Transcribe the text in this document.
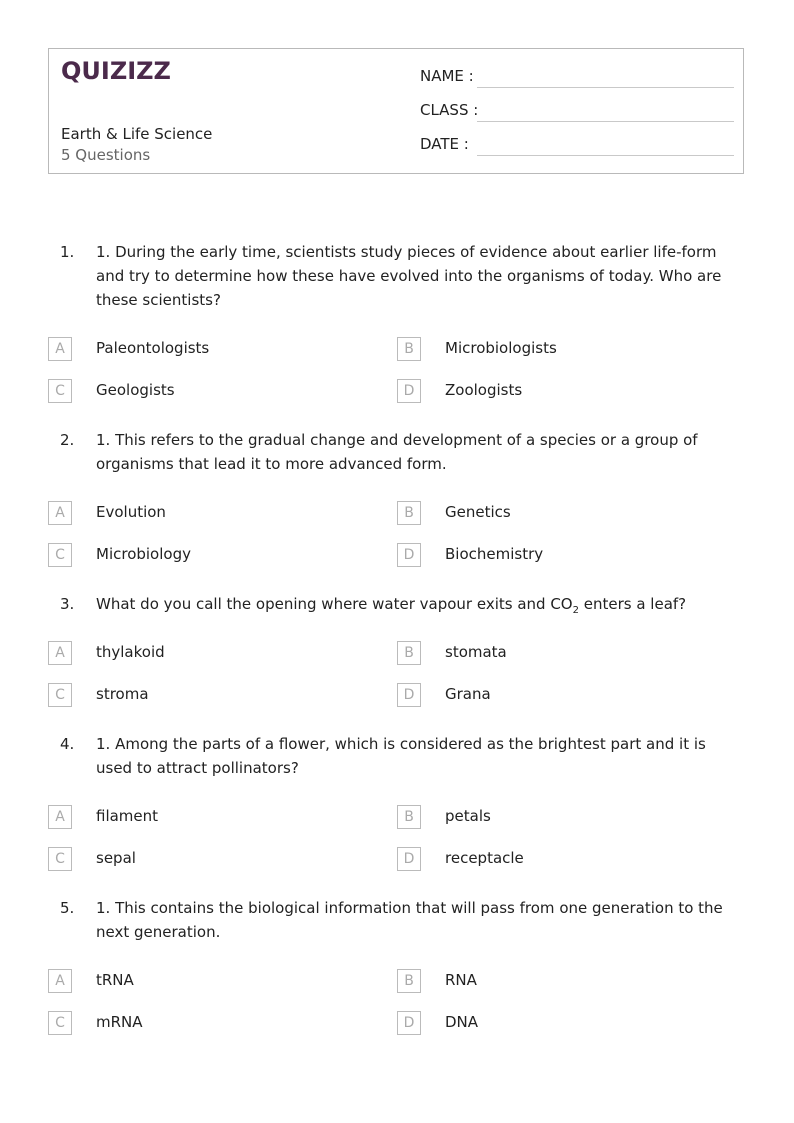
QUIZIZZ
Earth & Life Science
5 Questions
NAME :
CLASS :
DATE :
1. 1. During the early time, scientists study pieces of evidence about earlier life-form and try to determine how these have evolved into the organisms of today. Who are these scientists?
A	Paleontologists	B	Microbiologists
C	Geologists	D	Zoologists
2. 1. This refers to the gradual change and development of a species or a group of organisms that lead it to more advanced form.
A	Evolution	B	Genetics
C	Microbiology	D	Biochemistry
3. What do you call the opening where water vapour exits and $CO_2$ enters a leaf?
A	thylakoid	B	stomata
C	stroma	D	Grana
4. 1. Among the parts of a flower, which is considered as the brightest part and it is used to attract pollinators?
A	filament	B	petals
C	sepal	D	receptacle
5. 1. This contains the biological information that will pass from one generation to the next generation.
A	tRNA	B	RNA
C	mRNA	D	DNA
